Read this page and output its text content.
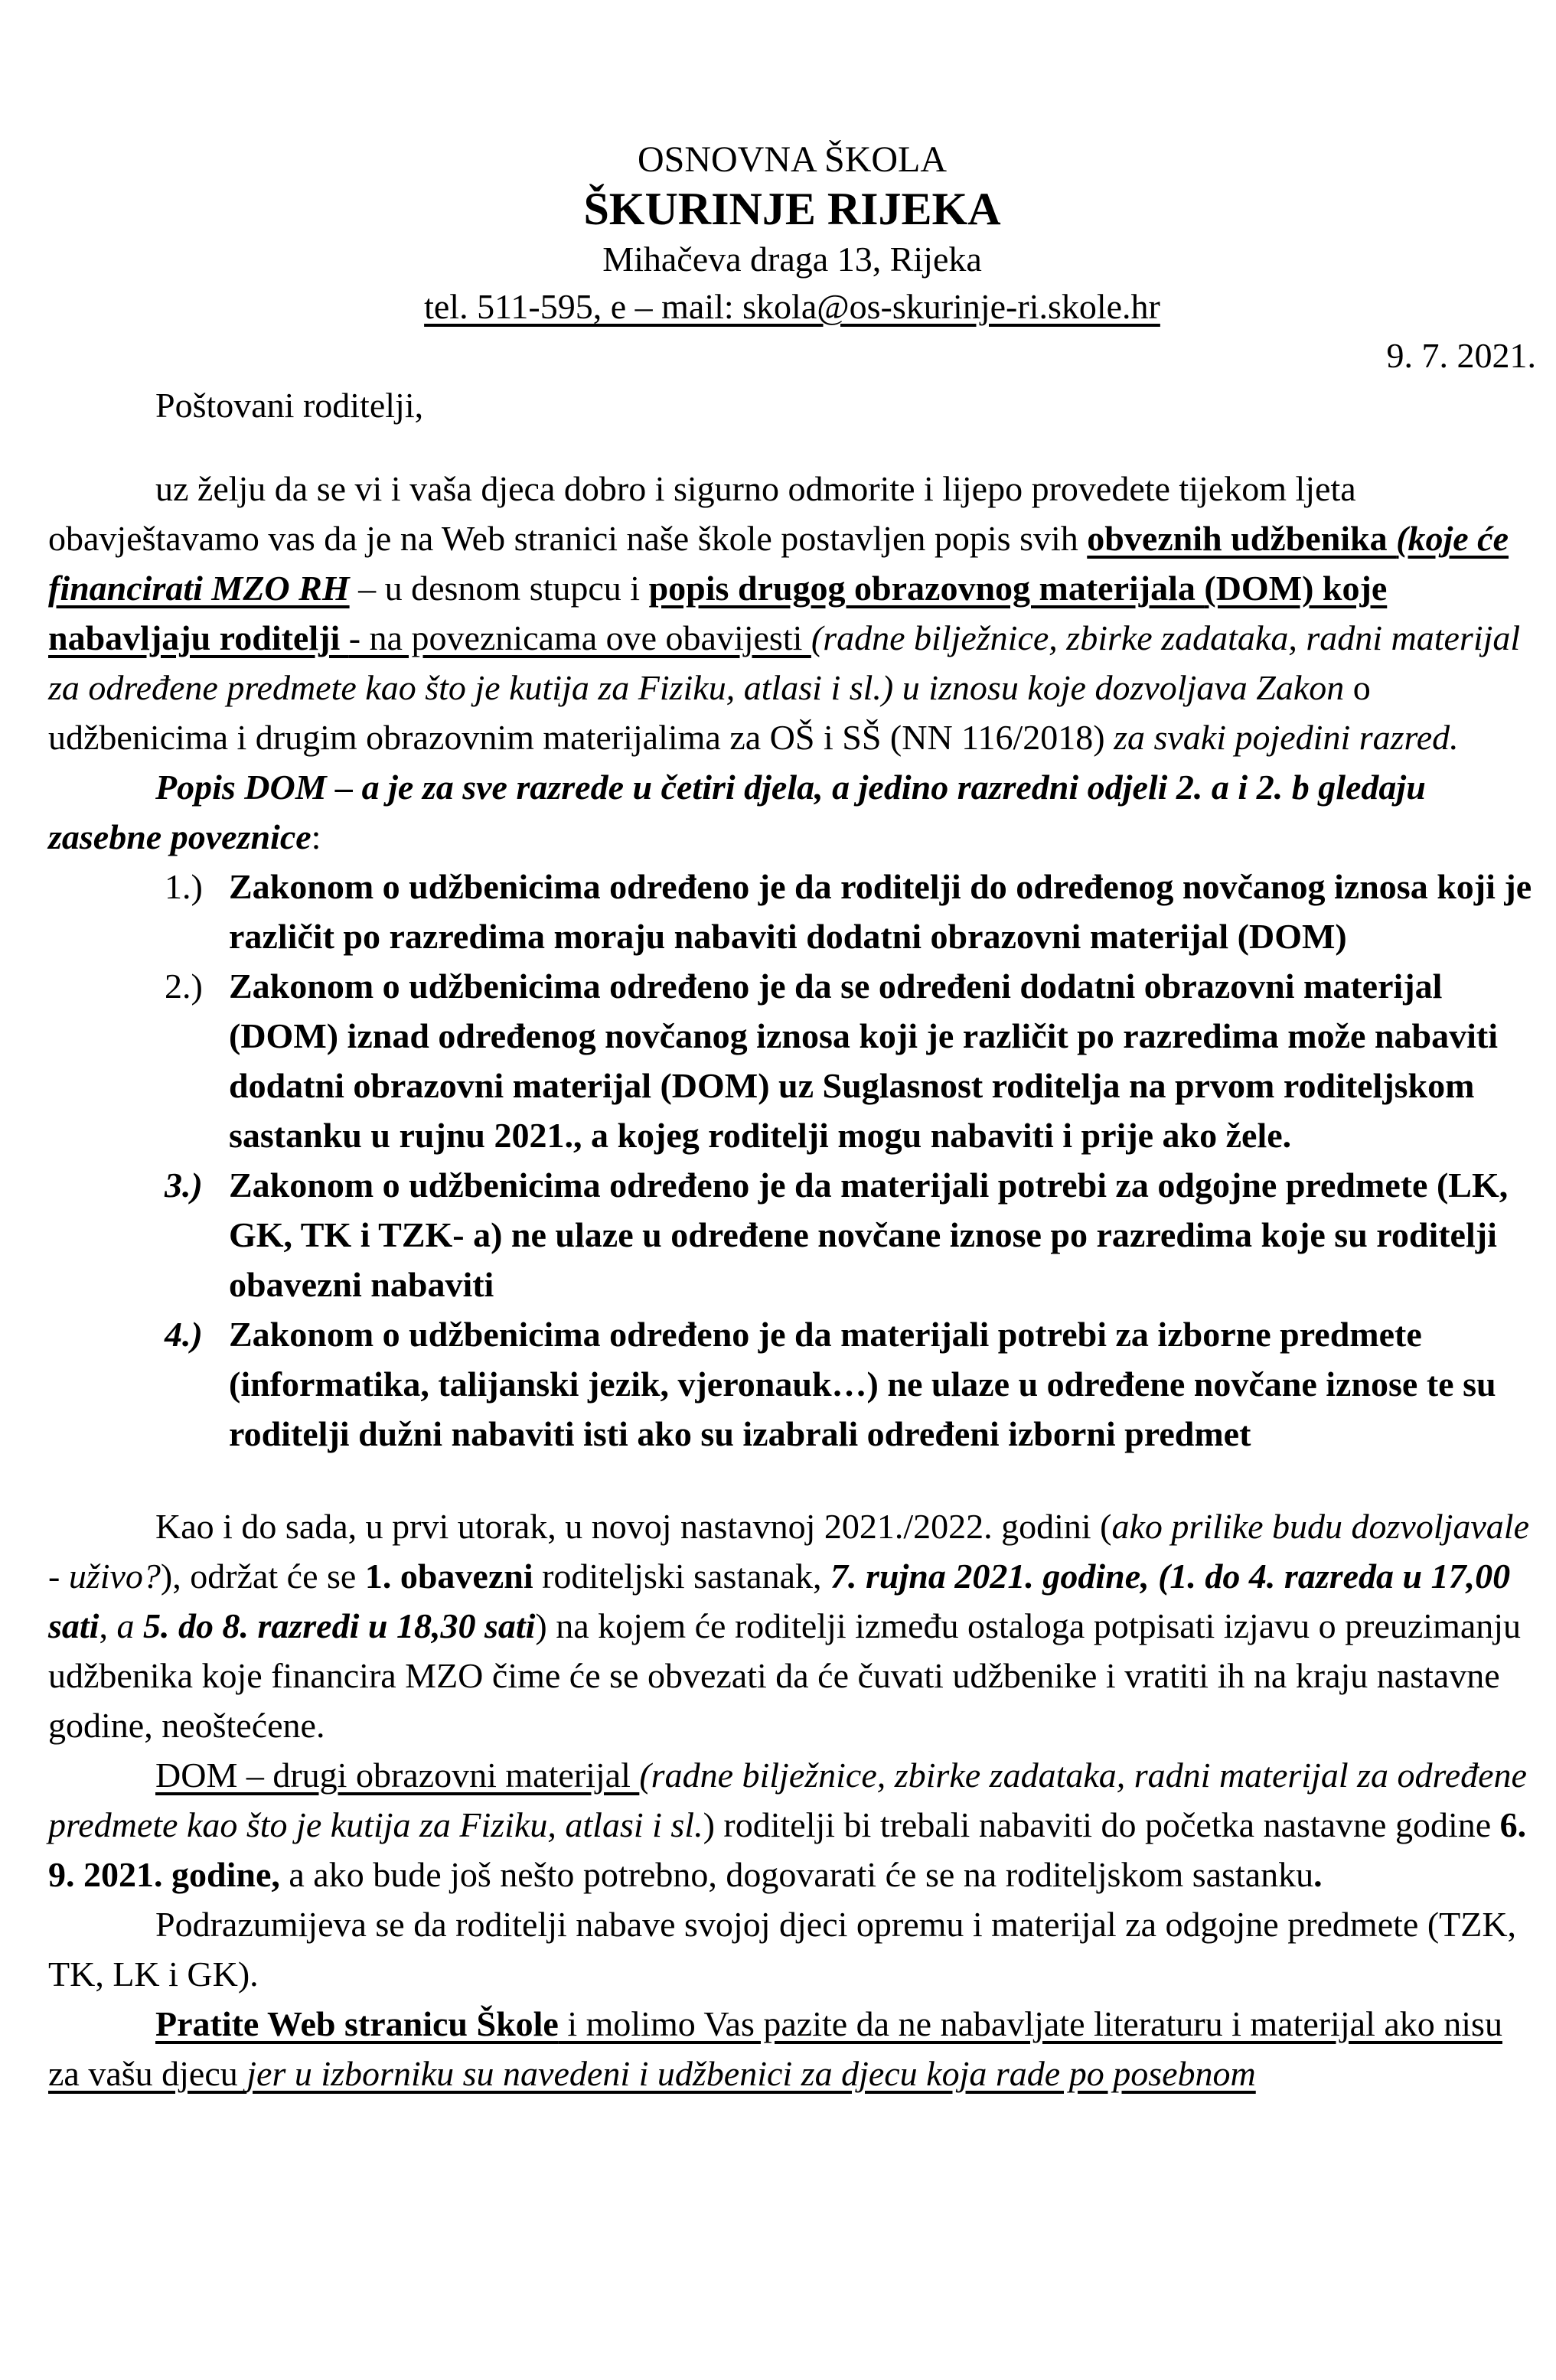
OSNOVNA ŠKOLA
ŠKURINJE RIJEKA
Mihačeva draga 13, Rijeka
tel. 511-595, e – mail: skola@os-skurinje-ri.skole.hr
9. 7. 2021.

Poštovani roditelji,

uz želju da se vi i vaša djeca dobro i sigurno odmorite i lijepo provedete tijekom ljeta obavještavamo vas da je na Web stranici naše škole postavljen popis svih obveznih udžbenika (koje će financirati MZO RH – u desnom stupcu i popis drugog obrazovnog materijala (DOM) koje nabavljaju roditelji - na poveznicama ove obavijesti (radne bilježnice, zbirke zadataka, radni materijal za određene predmete kao što je kutija za Fiziku, atlasi i sl.) u iznosu koje dozvoljava Zakon o udžbenicima i drugim obrazovnim materijalima za OŠ i SŠ (NN 116/2018) za svaki pojedini razred.

Popis DOM – a je za sve razrede u četiri djela, a jedino razredni odjeli 2. a i 2. b gledaju zasebne poveznice:

1.) Zakonom o udžbenicima određeno je da roditelji do određenog novčanog iznosa koji je različit po razredima moraju nabaviti dodatni obrazovni materijal (DOM)
2.) Zakonom o udžbenicima određeno je da se određeni dodatni obrazovni materijal (DOM) iznad određenog novčanog iznosa koji je različit po razredima može nabaviti dodatni obrazovni materijal (DOM) uz Suglasnost roditelja na prvom roditeljskom sastanku u rujnu 2021., a kojeg roditelji mogu nabaviti i prije ako žele.
3.) Zakonom o udžbenicima određeno je da materijali potrebi za odgojne predmete (LK, GK, TK i TZK- a) ne ulaze u određene novčane iznose po razredima koje su roditelji obavezni nabaviti
4.) Zakonom o udžbenicima određeno je da materijali potrebi za izborne predmete (informatika, talijanski jezik, vjeronauk…) ne ulaze u određene novčane iznose te su roditelji dužni nabaviti isti ako su izabrali određeni izborni predmet

Kao i do sada, u prvi utorak, u novoj nastavnoj 2021./2022. godini (ako prilike budu dozvoljavale - uživo?), održat će se 1. obavezni roditeljski sastanak, 7. rujna 2021. godine, (1. do 4. razreda u 17,00 sati, a 5. do 8. razredi u 18,30 sati) na kojem će roditelji između ostaloga potpisati izjavu o preuzimanju udžbenika koje financira MZO čime će se obvezati da će čuvati udžbenike i vratiti ih na kraju nastavne godine, neoštećene.

DOM – drugi obrazovni materijal (radne bilježnice, zbirke zadataka, radni materijal za određene predmete kao što je kutija za Fiziku, atlasi i sl.) roditelji bi trebali nabaviti do početka nastavne godine 6. 9. 2021. godine, a ako bude još nešto potrebno, dogovarati će se na roditeljskom sastanku.

Podrazumijeva se da roditelji nabave svojoj djeci opremu i materijal za odgojne predmete (TZK, TK, LK i GK).

Pratite Web stranicu Škole i molimo Vas pazite da ne nabavljate literaturu i materijal ako nisu za vašu djecu jer u izborniku su navedeni i udžbenici za djecu koja rade po posebnom
